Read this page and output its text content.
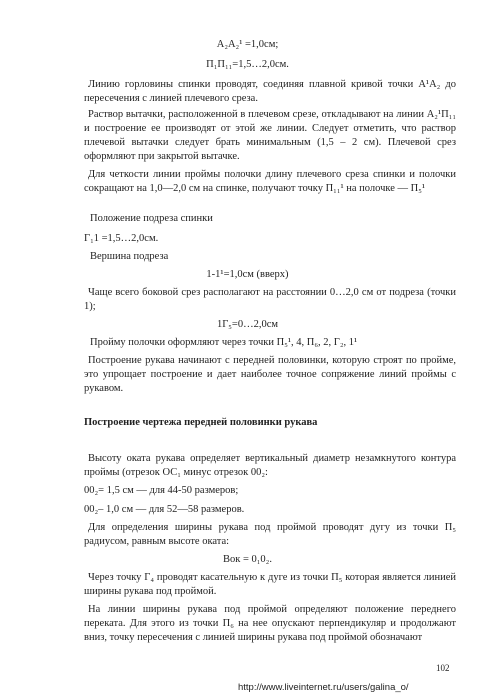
A₂A₂¹ =1,0см;
П₁П₁₁=1,5…2,0см.
Линию горловины спинки проводят, соединяя плавной кривой точки А¹А₂ до пересечения с линией плечевого среза.
Раствор вытачки, расположенной в плечевом срезе, откладывают на линии А₂¹П₁₁ и построение ее производят от этой же линии. Следует отметить, что раствор плечевой вытачки следует брать минимальным (1,5 – 2 см). Плечевой срез оформляют при закрытой вытачке.
Для четкости линии проймы полочки длину плечевого среза спинки и полочки сокращают на 1,0—2,0 см на спинке, получают точку П₁₁¹ на полочке — П₅¹
Положение подреза спинки
Г₁1 =1,5…2,0см.
Вершина подреза
1-1¹=1,0см (вверх)
Чаще всего боковой срез располагают на расстоянии 0…2,0 см от подреза (точки 1);
1Г₅=0…2,0см
Пройму полочки оформляют через точки П₅¹, 4, П₆, 2, Г₂, 1¹
Построение рукава начинают с передней половинки, которую строят по пройме, это упрощает построение и дает наиболее точное сопряжение линий проймы с рукавом.
Построение чертежа передней половинки рукава
Высоту оката рукава определяет вертикальный диаметр незамкнутого контура проймы (отрезок ОС₁ минус отрезок 00₂:
00₂= 1,5 см — для 44-50 размеров;
00₂– 1,0 см — для 52—58 размеров.
Для определения ширины рукава под проймой проводят дугу из точки П₅ радиусом, равным высоте оката:
Вок = 0₁0₂.
Через точку Г₄ проводят касательную к дуге из точки П₅ которая является линией ширины рукава под проймой.
На линии ширины рукава под проймой определяют положение переднего переката. Для этого из точки П₆ на нее опускают перпендикуляр и продолжают вниз, точку пересечения с линией ширины рукава под проймой обозначают
102
http://www.liveinternet.ru/users/galina_o/
